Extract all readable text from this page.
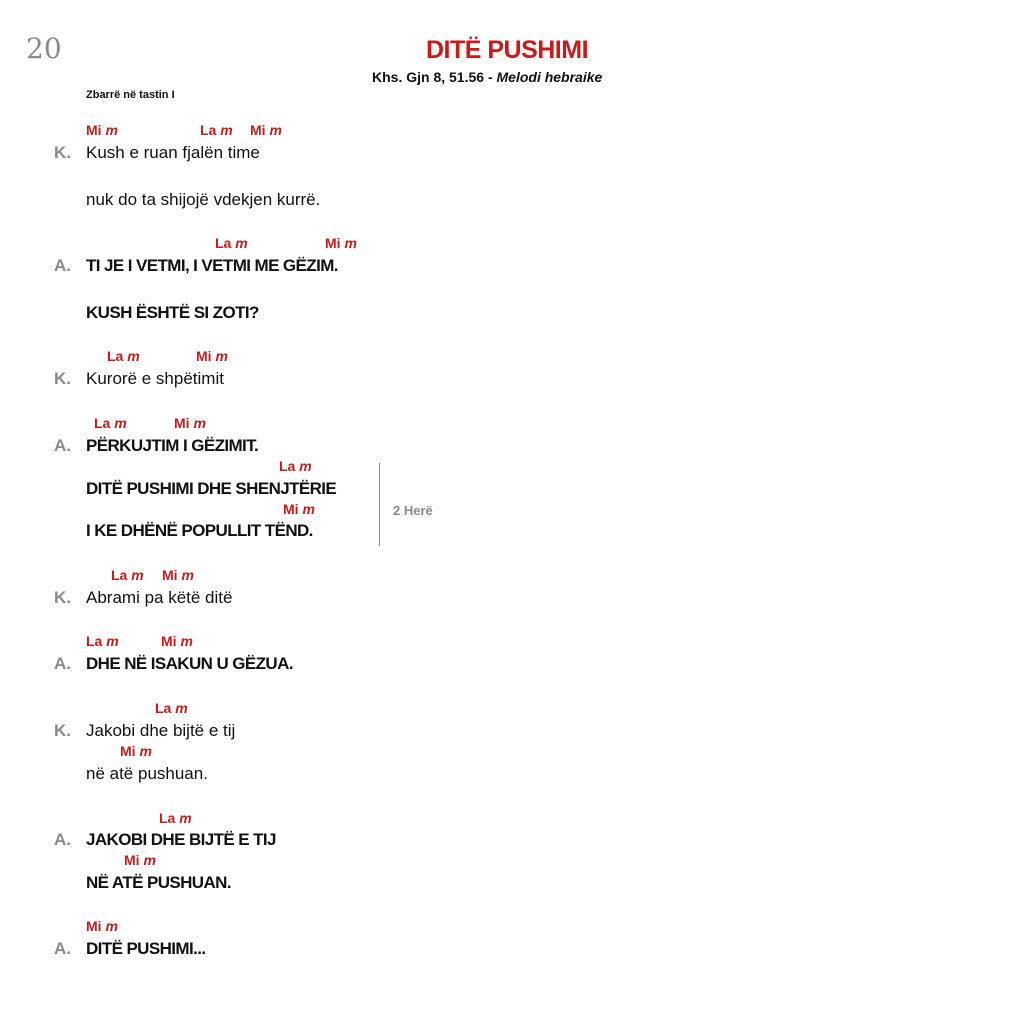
20	DITË PUSHIMI
Khs. Gjn 8, 51.56 - Melodi hebraike
Zbarrë në tastin I
Mi m	La m Mi m
K. Kush e ruan fjalën time
nuk do ta shijojë vdekjen kurrë.
La m	Mi m
A. TI JE I VETMI, I VETMI ME GËZIM.
KUSH ËSHTË SI ZOTI?
La m	Mi m
K. Kurorë e shpëtimit
La m	Mi m
A. PËRKUJTIM I GËZIMIT.
La m
DITË PUSHIMI DHE SHENJTËRIE
Mi m
I KE DHËNË POPULLIT TËND.
2 Herë
La m Mi m
K. Abrami pa këtë ditë
La m	Mi m
A. DHE NË ISAKUN U GËZUA.
La m
K. Jakobi dhe bijtë e tij
Mi m
në atë pushuan.
La m
A. JAKOBI DHE BIJTË E TIJ
Mi m
NË ATË PUSHUAN.
Mi m
A. DITË PUSHIMI...
